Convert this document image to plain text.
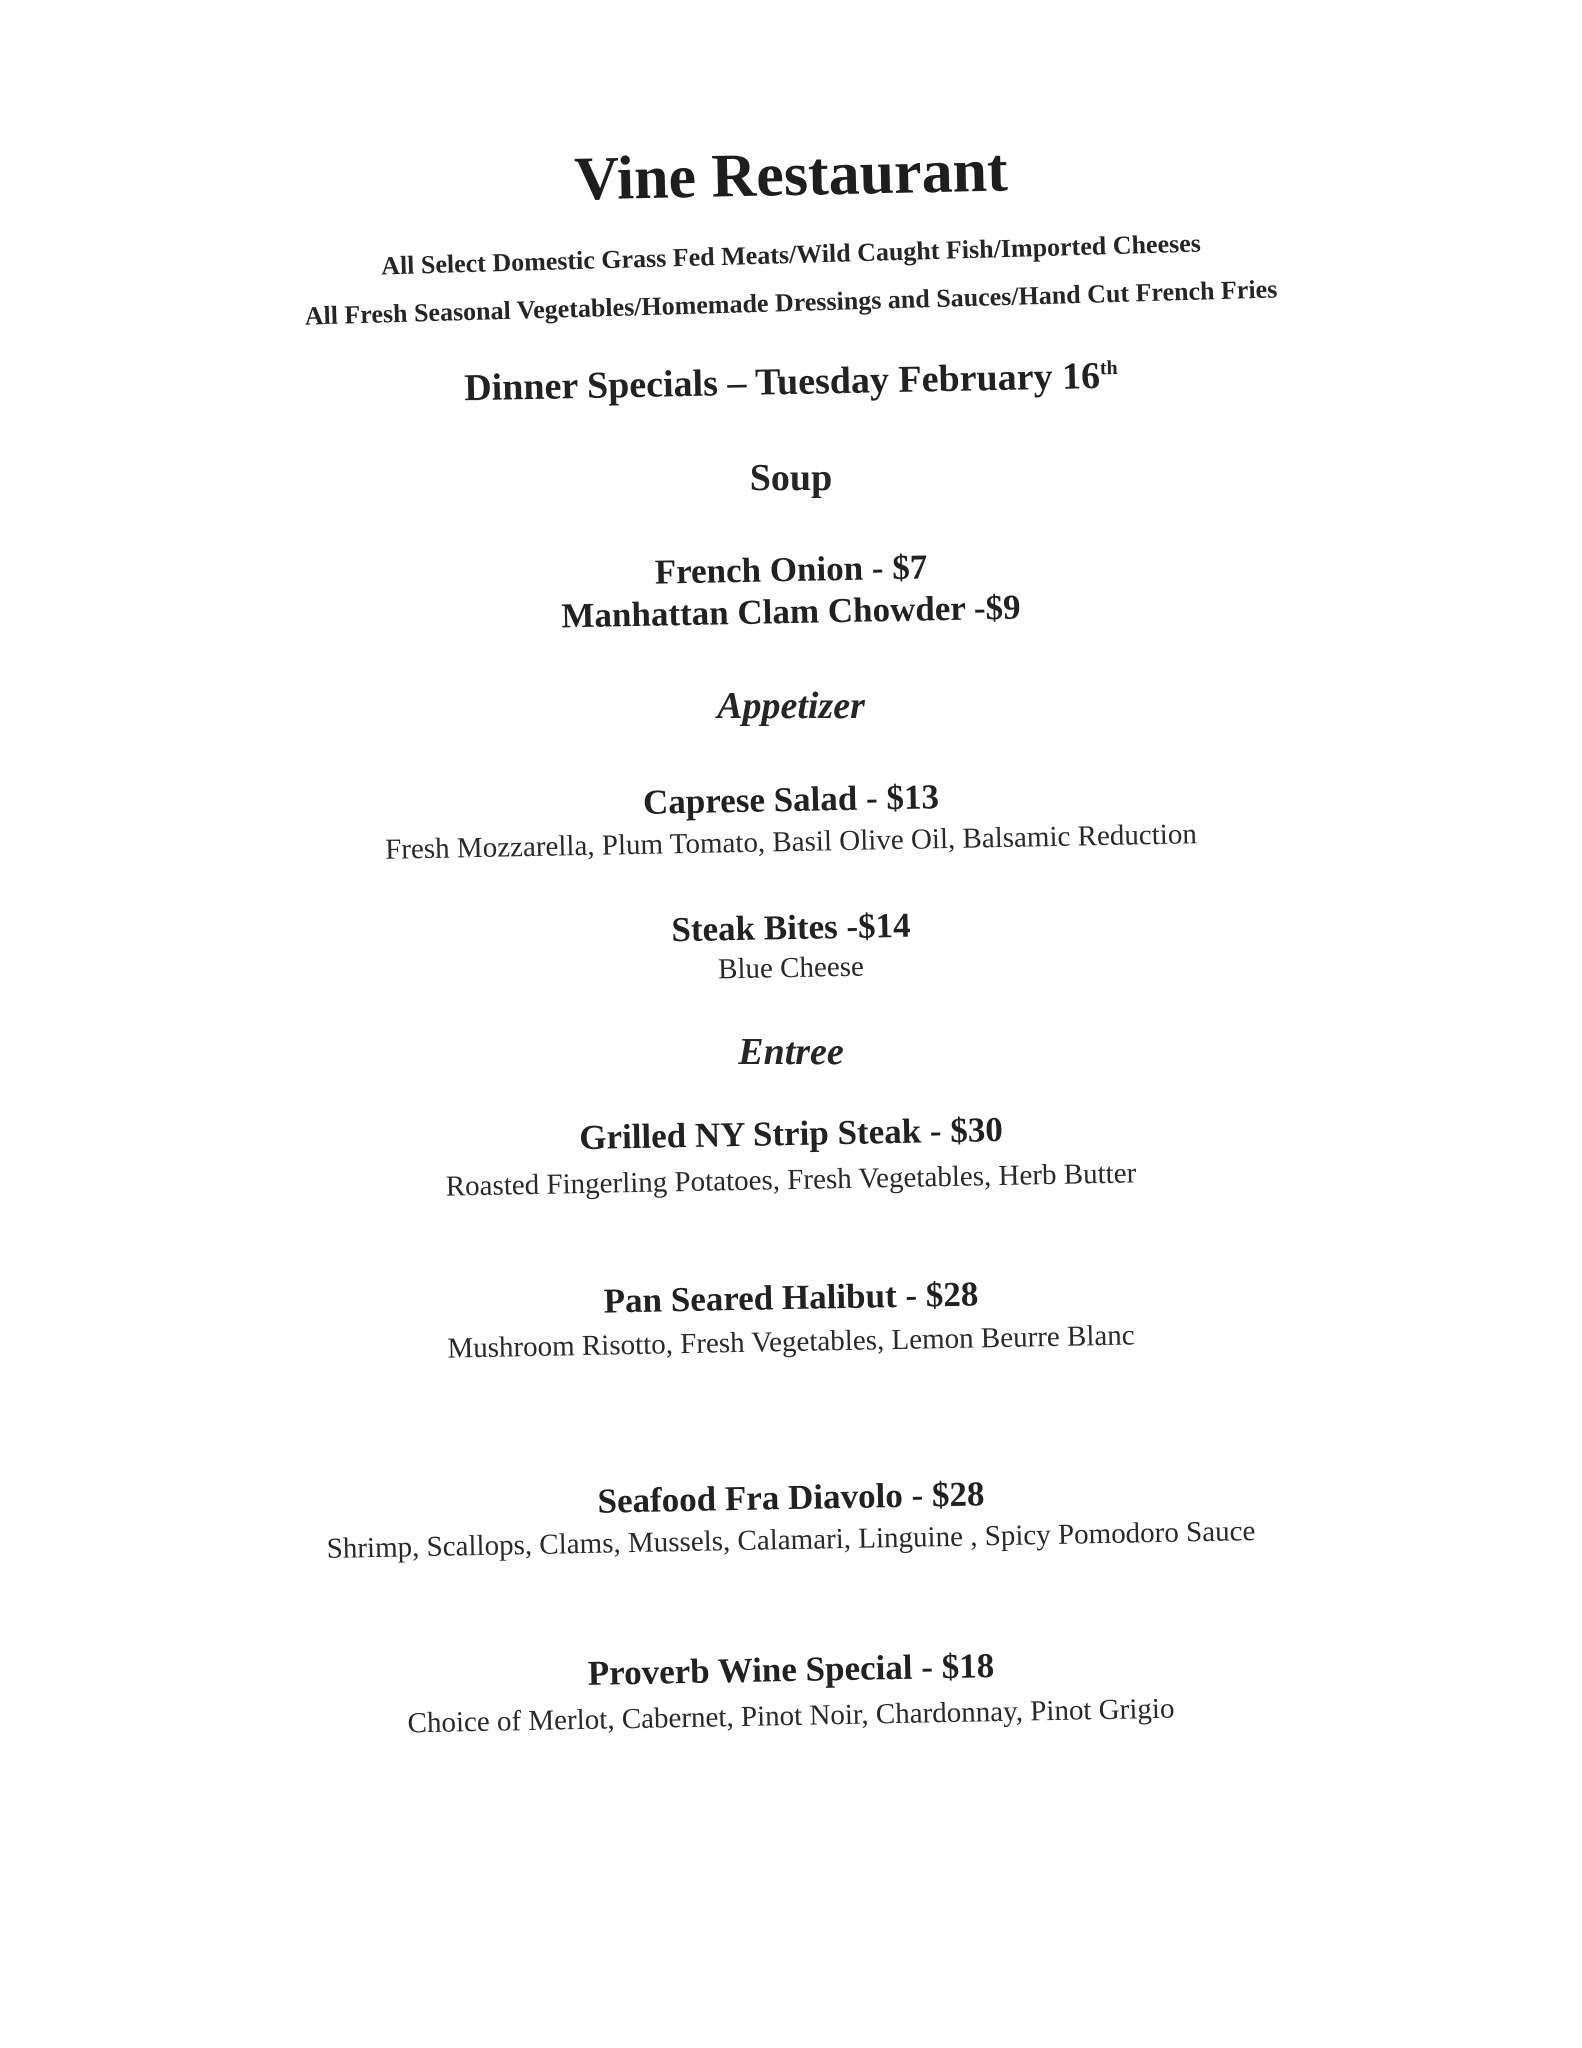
Vine Restaurant
All Select Domestic Grass Fed Meats/Wild Caught Fish/Imported Cheeses
All Fresh Seasonal Vegetables/Homemade Dressings and Sauces/Hand Cut French Fries
Dinner Specials – Tuesday February 16th
Soup
French Onion - $7
Manhattan Clam Chowder -$9
Appetizer
Caprese Salad - $13
Fresh Mozzarella, Plum Tomato, Basil Olive Oil, Balsamic Reduction
Steak Bites -$14
Blue Cheese
Entree
Grilled NY Strip Steak - $30
Roasted Fingerling Potatoes, Fresh Vegetables, Herb Butter
Pan Seared Halibut - $28
Mushroom Risotto, Fresh Vegetables, Lemon Beurre Blanc
Seafood Fra Diavolo - $28
Shrimp, Scallops, Clams, Mussels, Calamari, Linguine , Spicy Pomodoro Sauce
Proverb Wine Special - $18
Choice of Merlot, Cabernet, Pinot Noir, Chardonnay, Pinot Grigio
